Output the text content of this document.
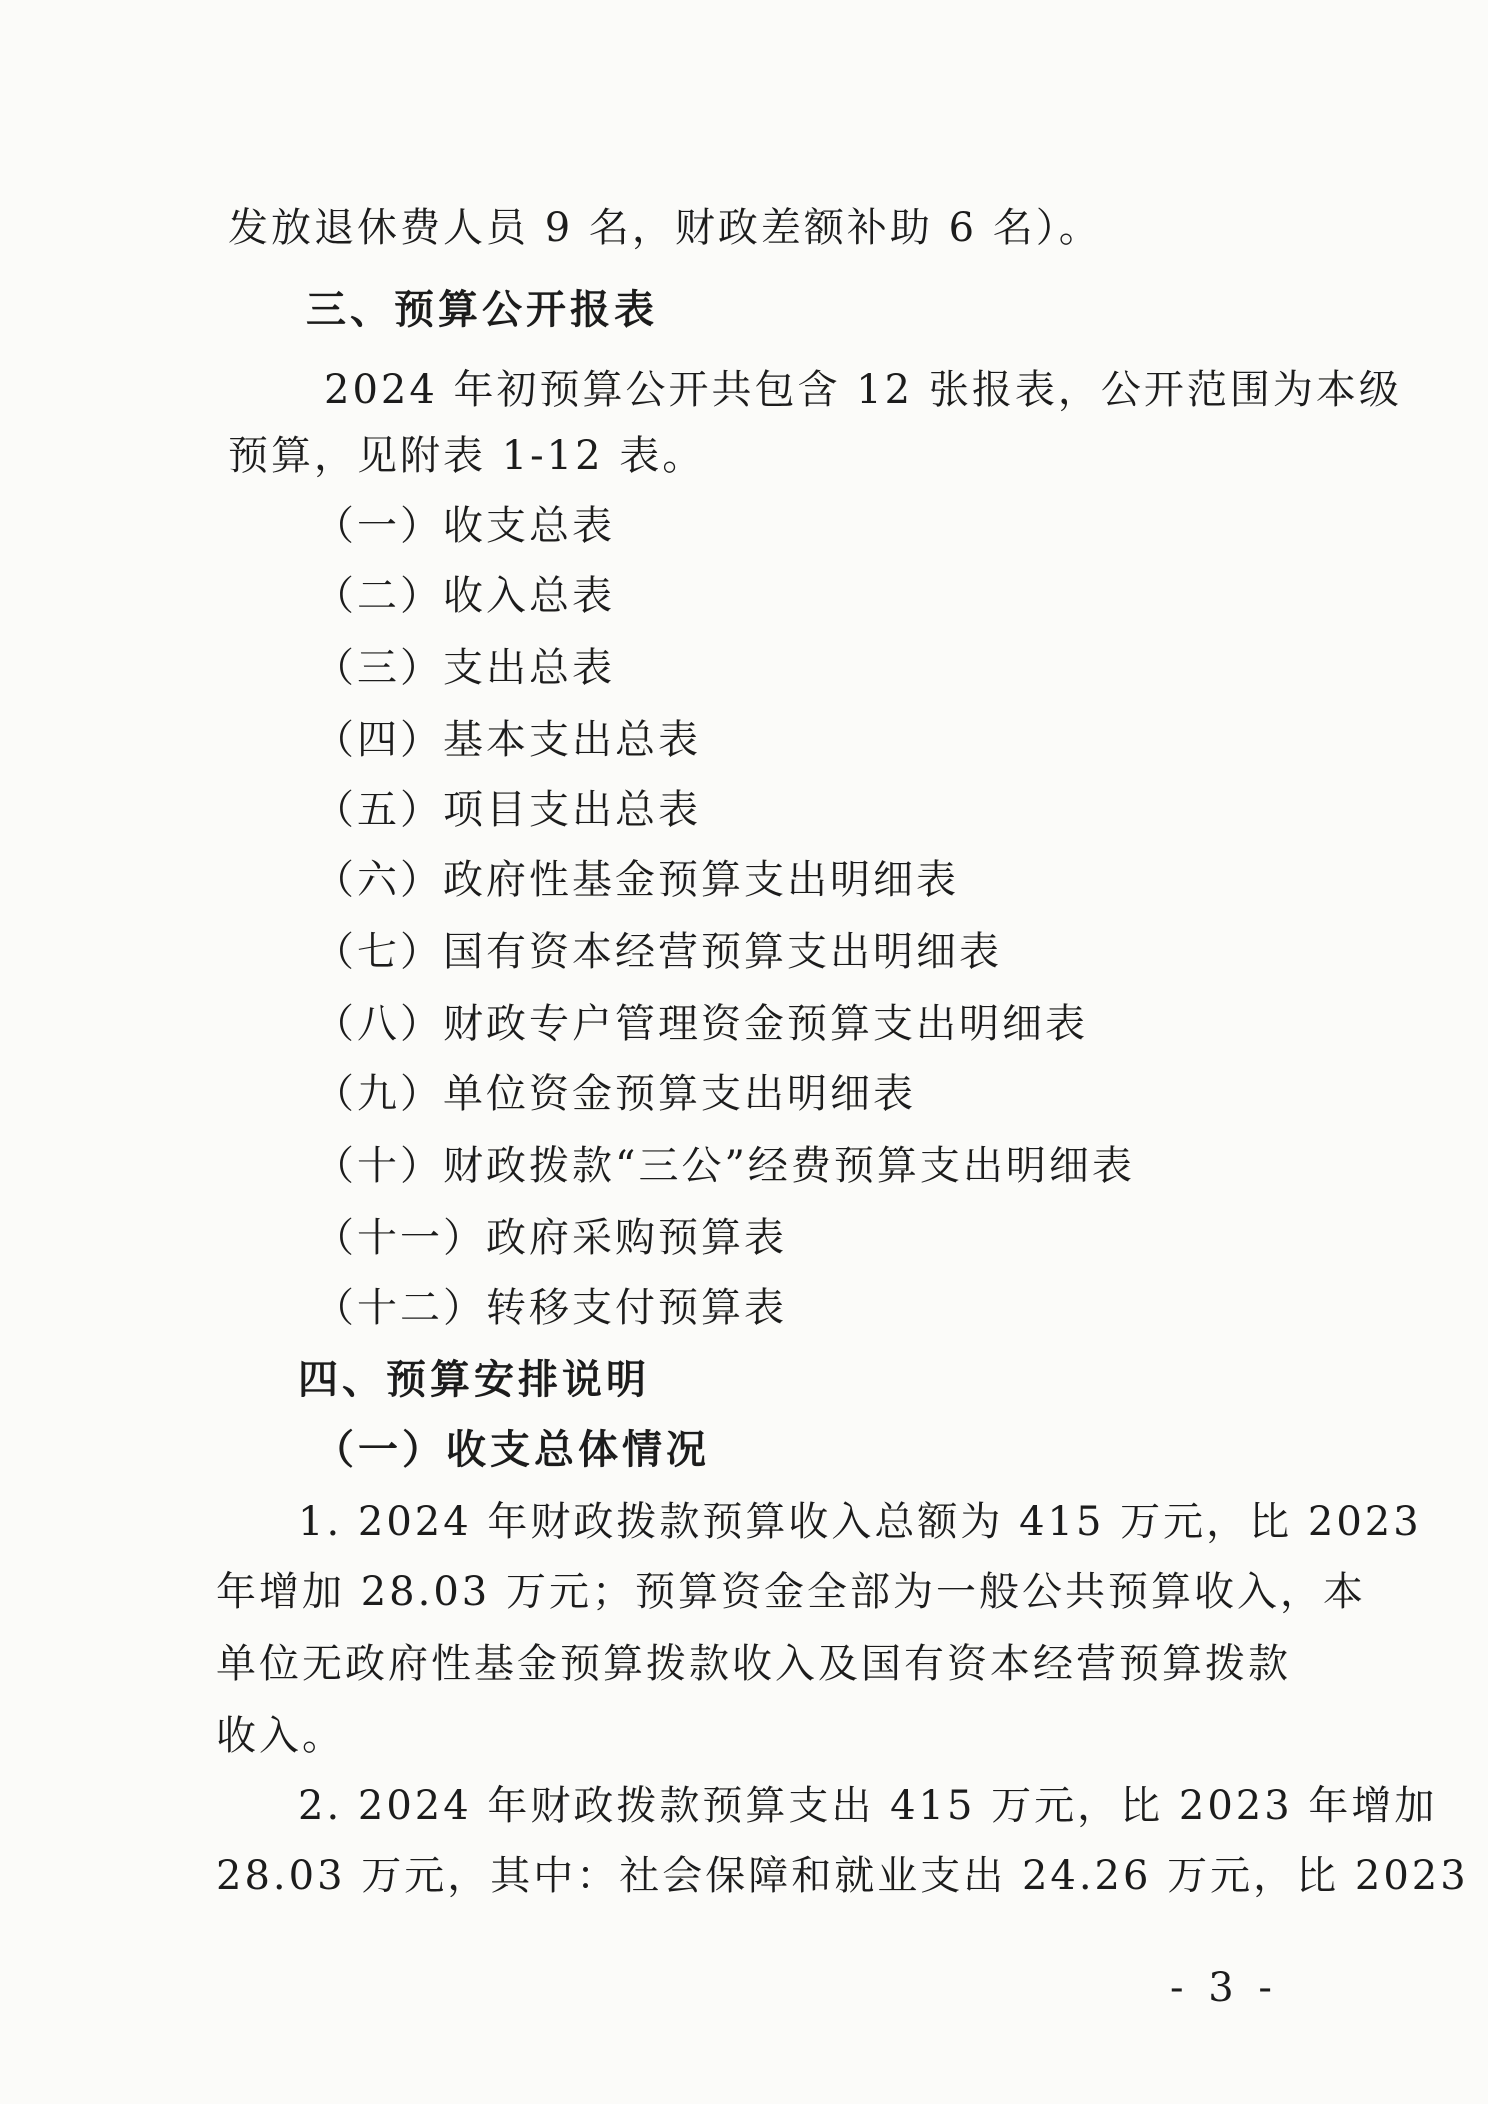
发放退休费人员 9 名，财政差额补助 6 名）。
三、预算公开报表
2024 年初预算公开共包含 12 张报表，公开范围为本级
预算，见附表 1-12 表。
（一）收支总表
（二）收入总表
（三）支出总表
（四）基本支出总表
（五）项目支出总表
（六）政府性基金预算支出明细表
（七）国有资本经营预算支出明细表
（八）财政专户管理资金预算支出明细表
（九）单位资金预算支出明细表
（十）财政拨款“三公”经费预算支出明细表
（十一）政府采购预算表
（十二）转移支付预算表
四、预算安排说明
（一）收支总体情况
1. 2024 年财政拨款预算收入总额为 415 万元，比 2023
年增加 28.03 万元；预算资金全部为一般公共预算收入，本
单位无政府性基金预算拨款收入及国有资本经营预算拨款
收入。
2. 2024 年财政拨款预算支出 415 万元，比 2023 年增加
28.03 万元，其中：社会保障和就业支出 24.26 万元，比 2023
- 3 -
